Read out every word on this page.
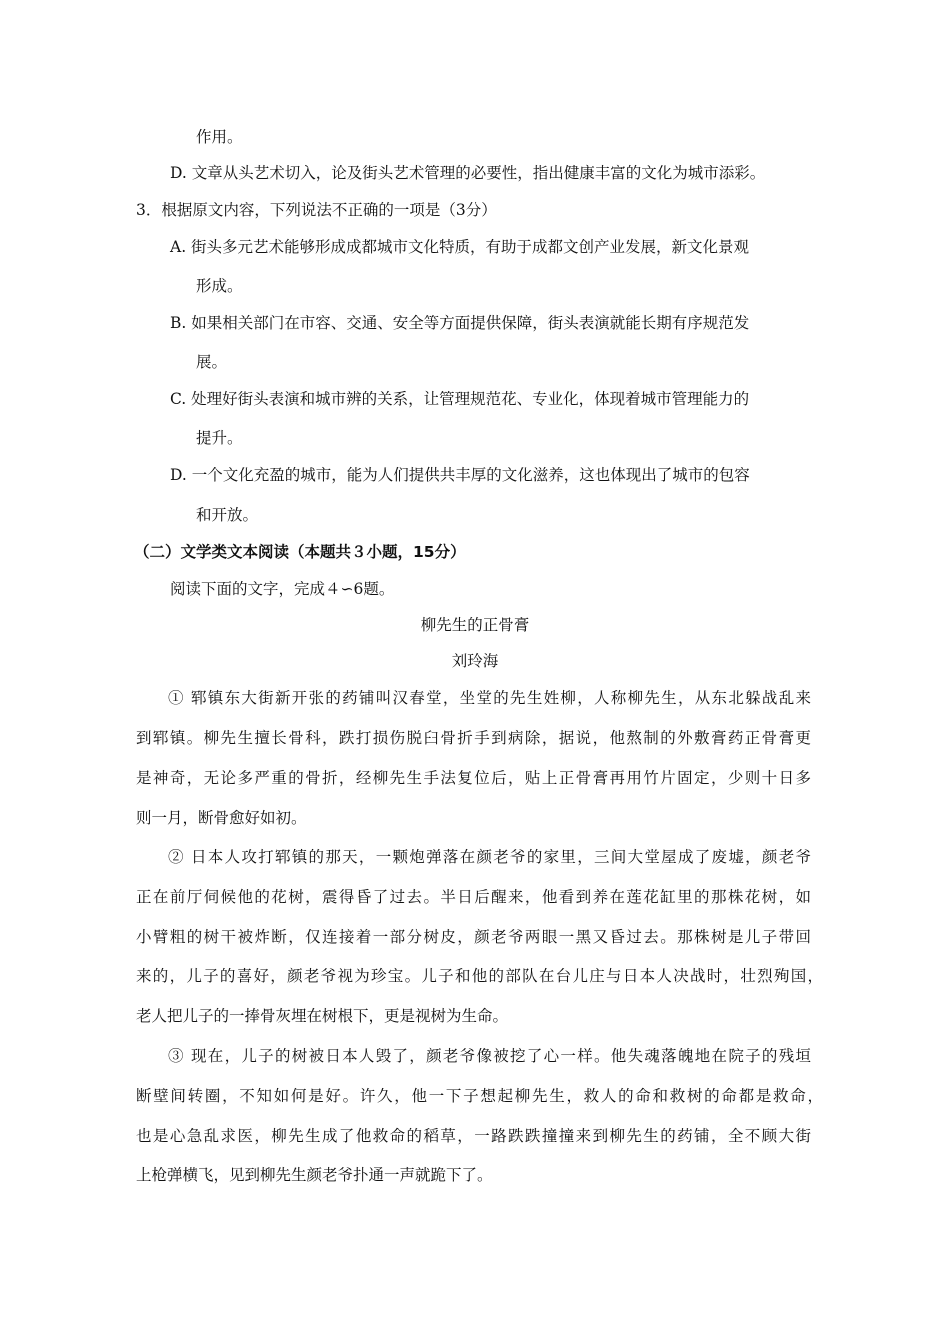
作用。
D. 文章从头艺术切入，论及街头艺术管理的必要性，指出健康丰富的文化为城市添彩。
3．根据原文内容，下列说法不正确的一项是（3分）
A. 街头多元艺术能够形成成都城市文化特质，有助于成都文创产业发展，新文化景观
形成。
B. 如果相关部门在市容、交通、安全等方面提供保障，街头表演就能长期有序规范发
展。
C. 处理好街头表演和城市辨的关系，让管理规范花、专业化，体现着城市管理能力的
提升。
D. 一个文化充盈的城市，能为人们提供共丰厚的文化滋养，这也体现出了城市的包容
和开放。
（二）文学类文本阅读（本题共３小题，15分）
阅读下面的文字，完成４∽6题。
柳先生的正骨膏
刘玲海
① 郓镇东大街新开张的药铺叫汉春堂，坐堂的先生姓柳，人称柳先生，从东北躲战乱来
到郓镇。柳先生擅长骨科，跌打损伤脱臼骨折手到病除，据说，他熬制的外敷膏药正骨膏更
是神奇，无论多严重的骨折，经柳先生手法复位后，贴上正骨膏再用竹片固定，少则十日多
则一月，断骨愈好如初。
② 日本人攻打郓镇的那天，一颗炮弹落在颜老爷的家里，三间大堂屋成了废墟，颜老爷
正在前厅伺候他的花树，震得昏了过去。半日后醒来，他看到养在莲花缸里的那株花树，如
小臂粗的树干被炸断，仅连接着一部分树皮，颜老爷两眼一黑又昏过去。那株树是儿子带回
来的，儿子的喜好，颜老爷视为珍宝。儿子和他的部队在台儿庄与日本人决战时，壮烈殉国，
老人把儿子的一捧骨灰埋在树根下，更是视树为生命。
③ 现在，儿子的树被日本人毁了，颜老爷像被挖了心一样。他失魂落魄地在院子的残垣
断壁间转圈，不知如何是好。许久，他一下子想起柳先生，救人的命和救树的命都是救命，
也是心急乱求医，柳先生成了他救命的稻草，一路跌跌撞撞来到柳先生的药铺，全不顾大街
上枪弹横飞，见到柳先生颜老爷扑通一声就跪下了。
